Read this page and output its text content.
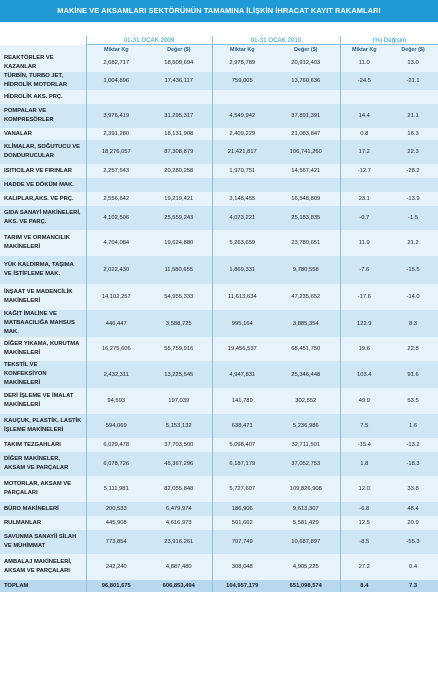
MAKİNE VE AKSAMLARI SEKTÖRÜNÜN TAMAMINA İLİŞKİN İHRACAT KAYIT RAKAMLARI
	01-31 OCAK 2009		01-31 OCAK 2010		(%) Değişim	
	Miktar Kg	Değer ($)	Miktar Kg	Değer ($)	Miktar Kg	Değer ($)
REAKTÖRLER VE KAZANLAR	2,682,717	18,509,694	2,978,789	20,912,403	11.0	13.0
TÜRBİN, TURBO JET, HİDROLİK MOTORLAR	1,004,896	17,436,117	759,005	13,760,636	-24.5	-21.1
HİDROLİK AKS. PRÇ.						
POMPALAR VE KOMPRESÖRLER	3,976,419	31,295,317	4,549,942	37,891,391	14.4	21.1
VANALAR	2,391,280	18,131,908	2,409,229	21,083,847	0.8	16.3
KLİMALAR, SOĞUTUCU VE DONDURUCULAR	18,276,057	87,308,879	21,421,817	106,741,260	17.2	22.3
ISITICILAR VE FIRINLAR	2,257,543	20,280,258	1,970,751	14,567,421	-12.7	-28.2
HADDE VE DÖKÜM MAK.						
KALIPLAR,AKS. VE PRÇ.	2,556,642	19,219,421	3,148,455	16,548,809	23.1	-13.9
GIDA SANAYİ MAKİNELERİ, AKS. VE PARÇ.	4,102,506	25,559,243	4,073,221	25,183,835	-0.7	-1.5
TARIM VE ORMANCILIK MAKİNELERİ	4,704,084	19,624,880	5,263,659	23,780,651	11.9	21.2
YÜK KALDIRMA, TAŞIMA VE İSTİFLEME MAK.	2,022,430	11,580,655	1,869,331	9,780,558	-7.6	-15.5
İNŞAAT VE MADENCİLİK MAKİNELERİ	14,102,257	54,955,333	11,613,634	47,235,652	-17.6	-14.0
KAĞIT İMALİNE VE MATBAACILIĞA MAHSUS MAK.	446,447	3,588,725	995,164	3,885,354	122.9	8.3
DİĞER YIKAMA, KURUTMA MAKİNELERİ	16,275,606	55,759,916	19,456,537	68,451,750	19.6	22.8
TEKSTİL VE KONFEKSİYON MAKİNELERİ	2,432,311	13,225,545	4,947,831	25,346,448	103.4	91.6
DERİ İŞLEME VE İMALAT MAKİNELERİ	94,593	197,039	141,789	302,552	49.9	53.5
KAUÇUK, PLASTİK, LASTİK İŞLEME MAKİNELERİ	594,069	5,153,132	638,471	5,236,986	7.5	1.6
TAKIM TEZGAHLARI	6,029,478	37,703,500	5,098,407	32,711,501	-15.4	-13.2
DİĞER MAKİNELER, AKSAM VE PARÇALAR	6,078,726	45,367,296	6,187,179	37,052,753	1.8	-18.3
MOTORLAR, AKSAM VE PARÇALARI	5,111,981	82,055,848	5,727,607	109,826,908	12.0	33.8
BÜRO MAKİNELERİ	200,533	6,479,974	186,906	9,613,307	-6.8	48.4
RULMANLAR	445,908	4,616,973	501,662	5,581,429	12.5	20.9
SAVUNMA SANAYİİ SİLAH VE MÜHİMMAT	773,854	23,916,261	707,749	10,687,897	-8.5	-55.3
AMBALAJ MAKİNELERİ, AKSAM VE PARÇALARI	242,240	4,887,480	308,048	4,905,225	27.2	0.4
TOPLAM	96,801,675	606,853,494	104,957,179	651,098,574	8.4	7.3
